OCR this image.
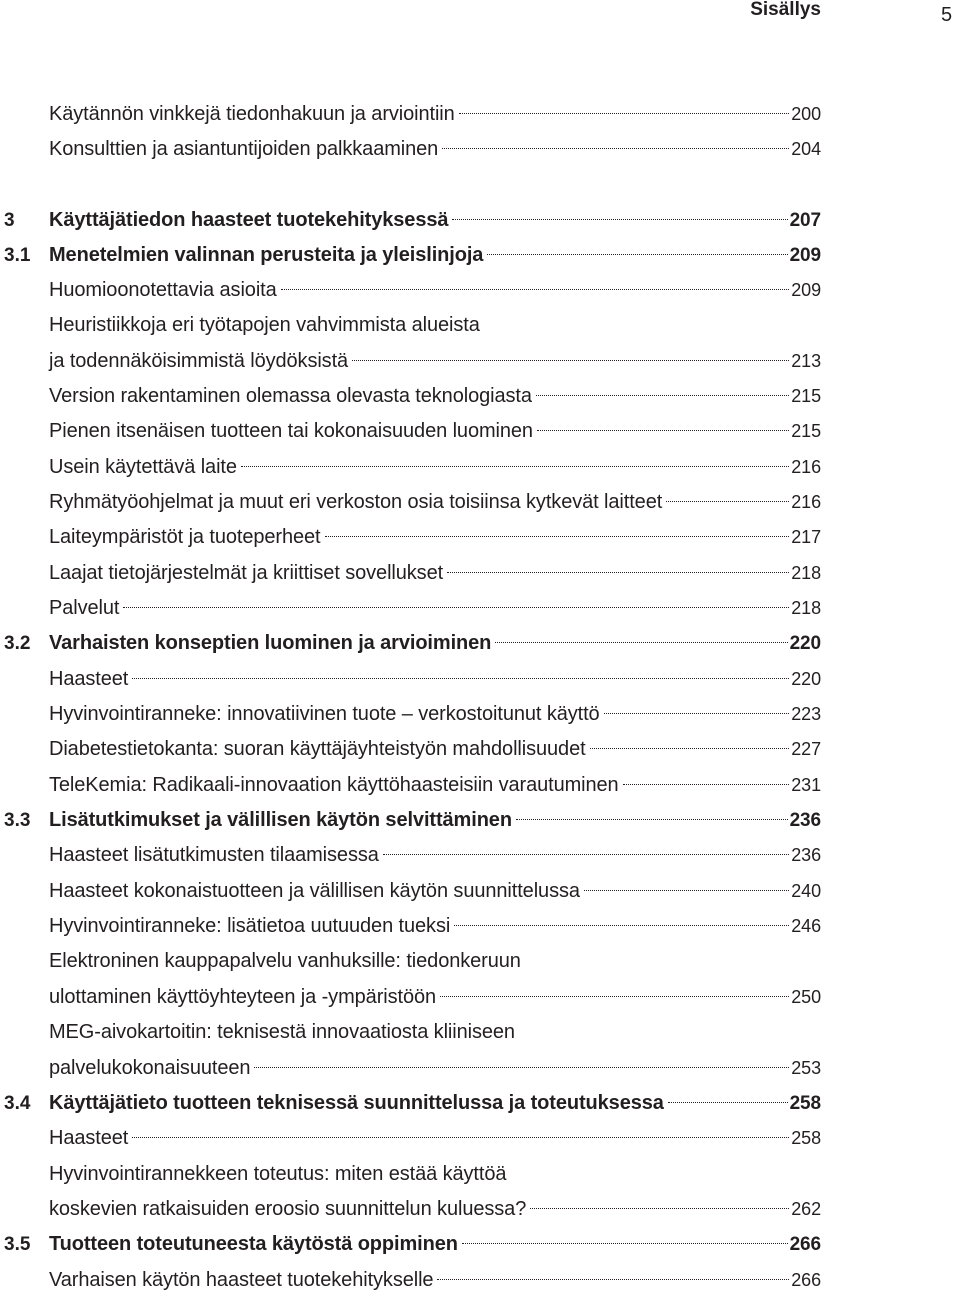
Sisällys	5
Käytännön vinkkejä tiedonhakuun ja arviointiin	200
Konsulttien ja asiantuntijoiden palkkaaminen	204
3 Käyttäjätiedon haasteet tuotekehityksessä	207
3.1 Menetelmien valinnan perusteita ja yleislinjoja	209
Huomioonotettavia asioita	209
Heuristiikkoja eri työtapojen vahvimmista alueista
ja todennäköisimmistä löydöksistä	213
Version rakentaminen olemassa olevasta teknologiasta	215
Pienen itsenäisen tuotteen tai kokonaisuuden luominen	215
Usein käytettävä laite	216
Ryhmätyöohjelmat ja muut eri verkoston osia toisiinsa kytkevät laitteet	216
Laiteympäristöt ja tuoteperheet	217
Laajat tietojärjestelmät ja kriittiset sovellukset	218
Palvelut	218
3.2 Varhaisten konseptien luominen ja arvioiminen	220
Haasteet	220
Hyvinvointiranneke: innovatiivinen tuote – verkostoitunut käyttö	223
Diabetestietokanta: suoran käyttäjäyhteistyön mahdollisuudet	227
TeleKemia: Radikaali-innovaation käyttöhaasteisiin varautuminen	231
3.3 Lisätutkimukset ja välillisen käytön selvittäminen	236
Haasteet lisätutkimusten tilaamisessa	236
Haasteet kokonaistuotteen ja välillisen käytön suunnittelussa	240
Hyvinvointiranneke: lisätietoa uutuuden tueksi	246
Elektroninen kauppapalvelu vanhuksille: tiedonkeruun
ulottaminen käyttöyhteyteen ja -ympäristöön	250
MEG-aivokartoitin: teknisestä innovaatiosta kliiniseen
palvelukokonaisuuteen	253
3.4 Käyttäjätieto tuotteen teknisessä suunnittelussa ja toteutuksessa	258
Haasteet	258
Hyvinvointirannekkeen toteutus: miten estää käyttöä
koskevien ratkaisuiden eroosio suunnittelun kuluessa?	262
3.5 Tuotteen toteutuneesta käytöstä oppiminen	266
Varhaisen käytön haasteet tuotekehitykselle	266
